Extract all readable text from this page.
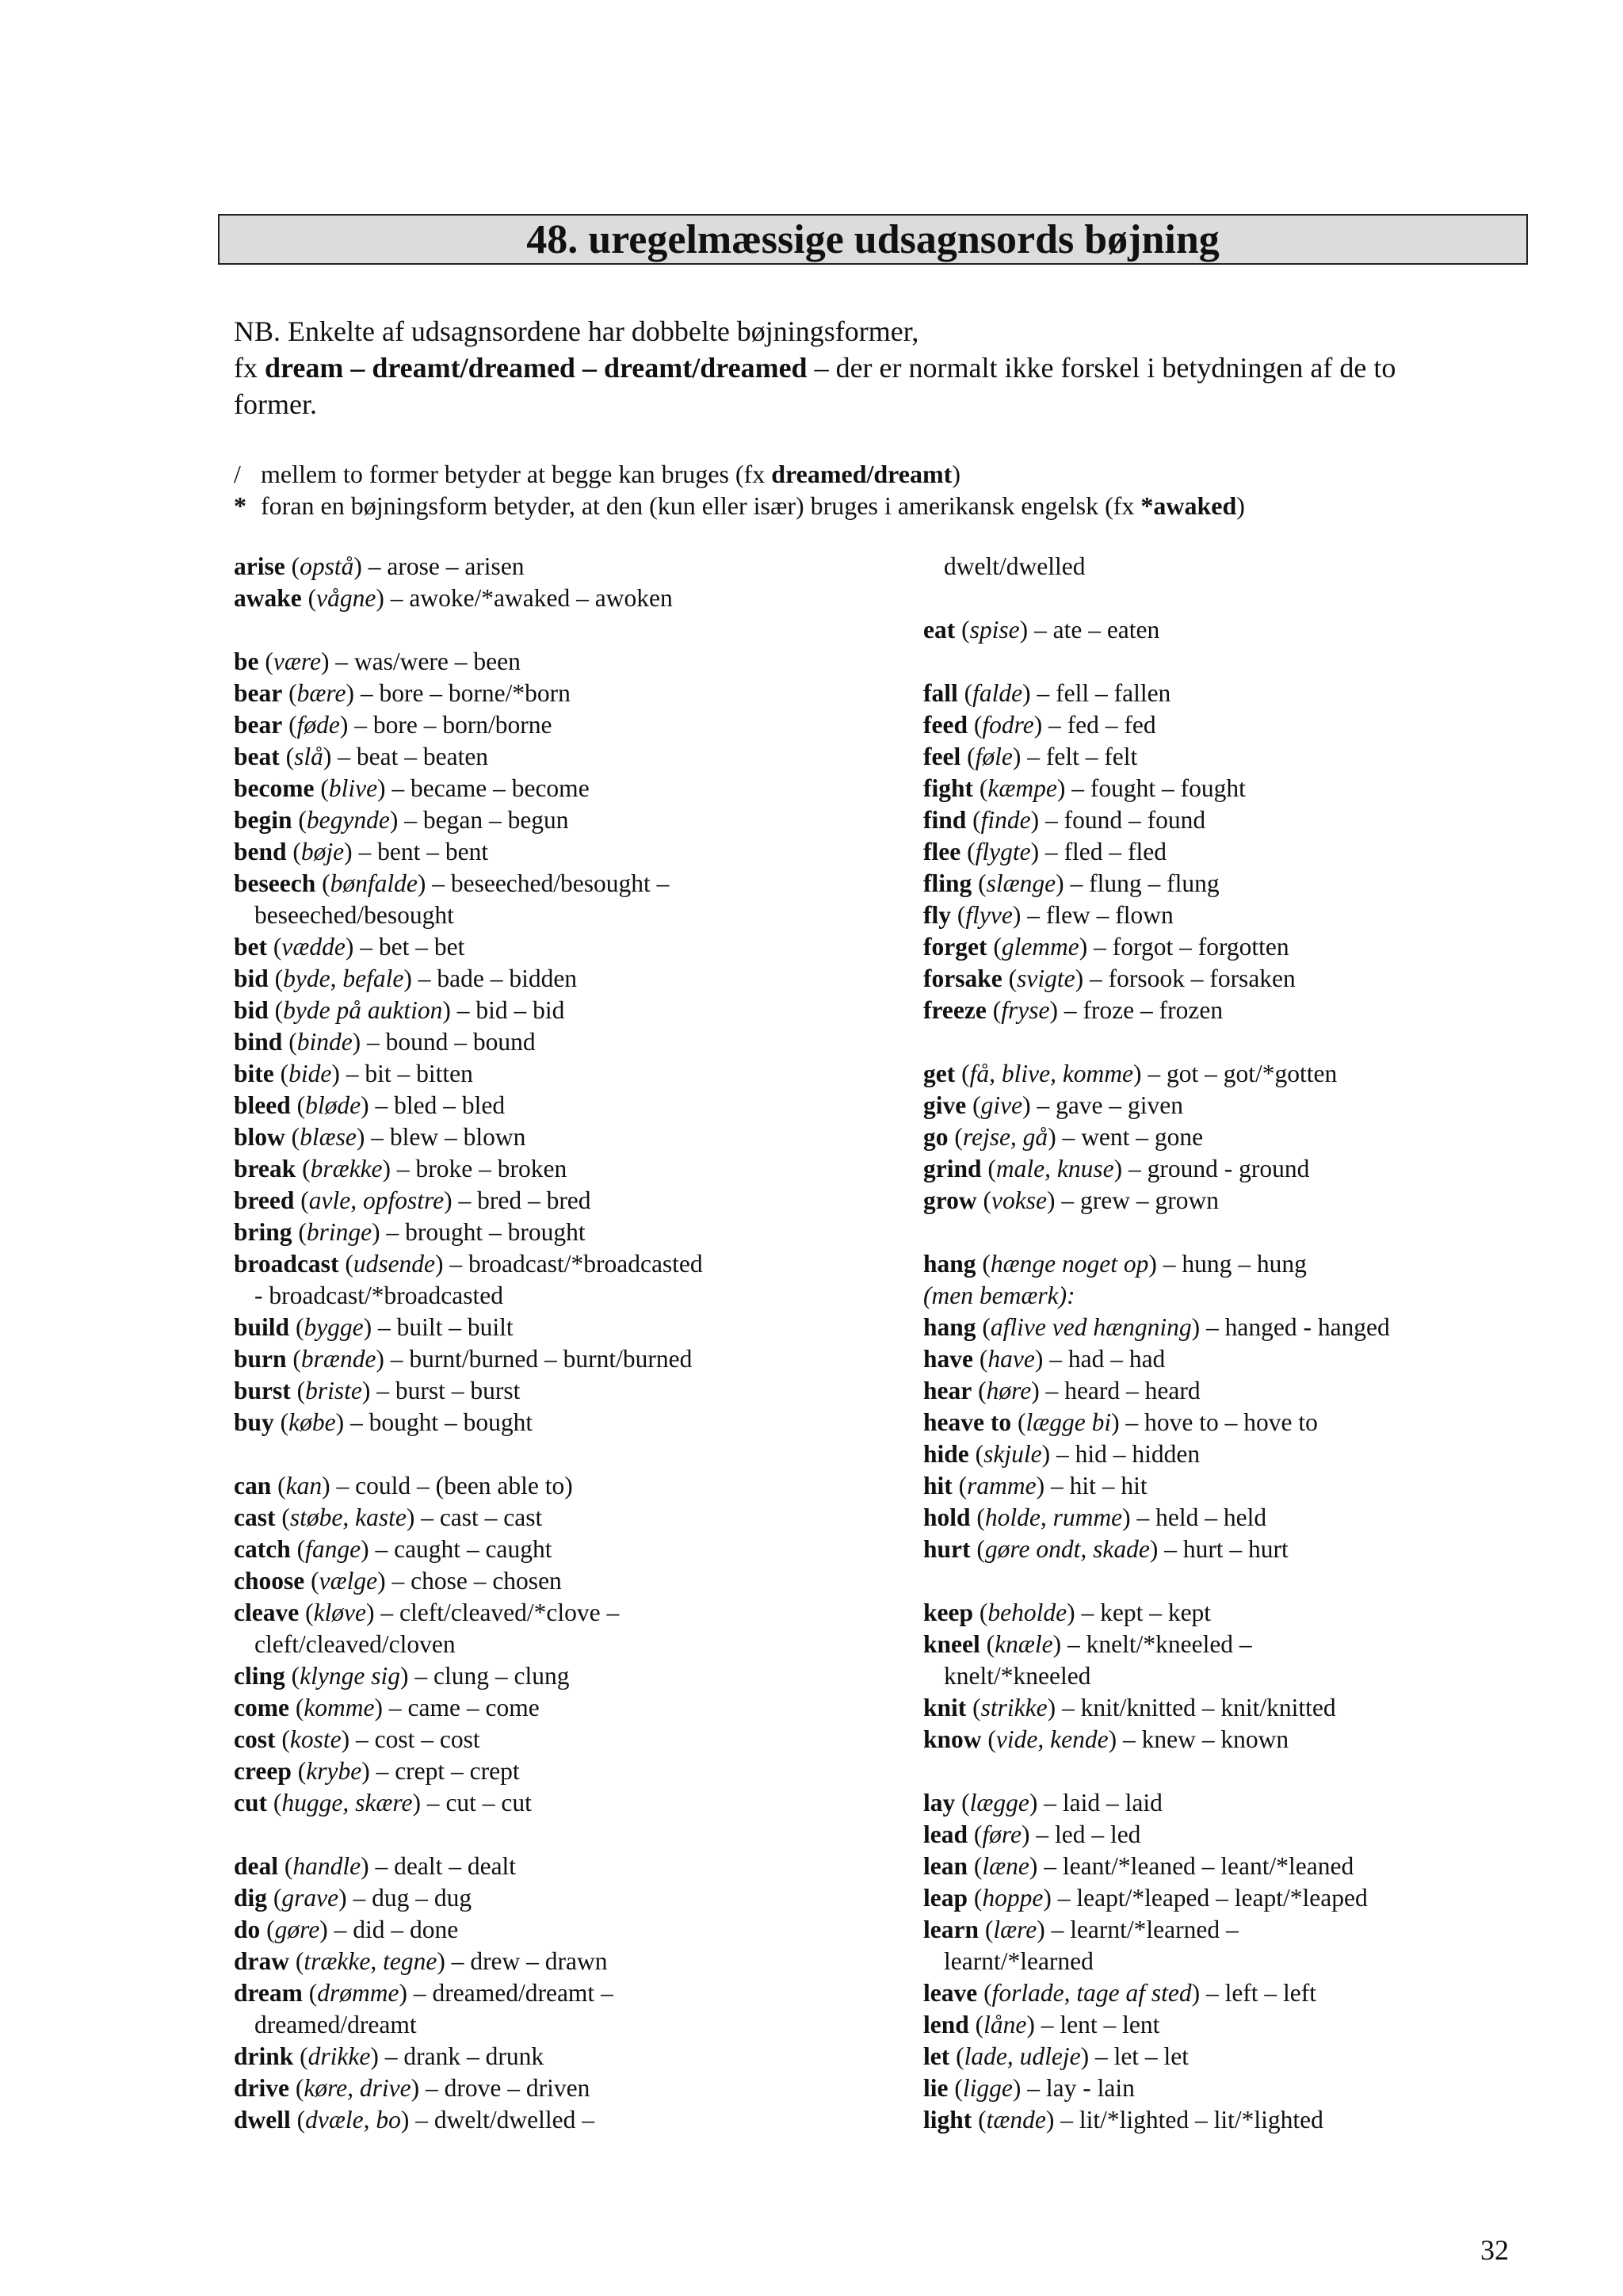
48. uregelmæssige udsagnsords bøjning
NB. Enkelte af udsagnsordene har dobbelte bøjningsformer,
fx dream – dreamt/dreamed – dreamt/dreamed – der er normalt ikke forskel i betydningen af de to
former.
/ mellem to former betyder at begge kan bruges (fx dreamed/dreamt)
* foran en bøjningsform betyder, at den (kun eller især) bruges i amerikansk engelsk (fx *awaked)
arise (opstå) – arose – arisen
awake (vågne) – awoke/*awaked – awoken
be (være) – was/were – been
bear (bære) – bore – borne/*born
bear (føde) – bore – born/borne
beat (slå) – beat – beaten
become (blive) – became – become
begin (begynde) – began – begun
bend (bøje) – bent – bent
beseech (bønfalde) – beseeched/besought –
beseeched/besought
bet (vædde) – bet – bet
bid (byde, befale) – bade – bidden
bid (byde på auktion) – bid – bid
bind (binde) – bound – bound
bite (bide) – bit – bitten
bleed (bløde) – bled – bled
blow (blæse) – blew – blown
break (brække) – broke – broken
breed (avle, opfostre) – bred – bred
bring (bringe) – brought – brought
broadcast (udsende) – broadcast/*broadcasted
- broadcast/*broadcasted
build (bygge) – built – built
burn (brænde) – burnt/burned – burnt/burned
burst (briste) – burst – burst
buy (købe) – bought – bought
can (kan) – could – (been able to)
cast (støbe, kaste) – cast – cast
catch (fange) – caught – caught
choose (vælge) – chose – chosen
cleave (kløve) – cleft/cleaved/*clove –
cleft/cleaved/cloven
cling (klynge sig) – clung – clung
come (komme) – came – come
cost (koste) – cost – cost
creep (krybe) – crept – crept
cut (hugge, skære) – cut – cut
deal (handle) – dealt – dealt
dig (grave) – dug – dug
do (gøre) – did – done
draw (trække, tegne) – drew – drawn
dream (drømme) – dreamed/dreamt –
dreamed/dreamt
drink (drikke) – drank – drunk
drive (køre, drive) – drove – driven
dwell (dvæle, bo) – dwelt/dwelled –
dwelt/dwelled
eat (spise) – ate – eaten
fall (falde) – fell – fallen
feed (fodre) – fed – fed
feel (føle) – felt – felt
fight (kæmpe) – fought – fought
find (finde) – found – found
flee (flygte) – fled – fled
fling (slænge) – flung – flung
fly (flyve) – flew – flown
forget (glemme) – forgot – forgotten
forsake (svigte) – forsook – forsaken
freeze (fryse) – froze – frozen
get (få, blive, komme) – got – got/*gotten
give (give) – gave – given
go (rejse, gå) – went – gone
grind (male, knuse) – ground - ground
grow (vokse) – grew – grown
hang (hænge noget op) – hung – hung
(men bemærk):
hang (aflive ved hængning) – hanged - hanged
have (have) – had – had
hear (høre) – heard – heard
heave to (lægge bi) – hove to – hove to
hide (skjule) – hid – hidden
hit (ramme) – hit – hit
hold (holde, rumme) – held – held
hurt (gøre ondt, skade) – hurt – hurt
keep (beholde) – kept – kept
kneel (knæle) – knelt/*kneeled –
knelt/*kneeled
knit (strikke) – knit/knitted – knit/knitted
know (vide, kende) – knew – known
lay (lægge) – laid – laid
lead (føre) – led – led
lean (læne) – leant/*leaned – leant/*leaned
leap (hoppe) – leapt/*leaped – leapt/*leaped
learn (lære) – learnt/*learned –
learnt/*learned
leave (forlade, tage af sted) – left – left
lend (låne) – lent – lent
let (lade, udleje) – let – let
lie (ligge) – lay - lain
light (tænde) – lit/*lighted – lit/*lighted
32
